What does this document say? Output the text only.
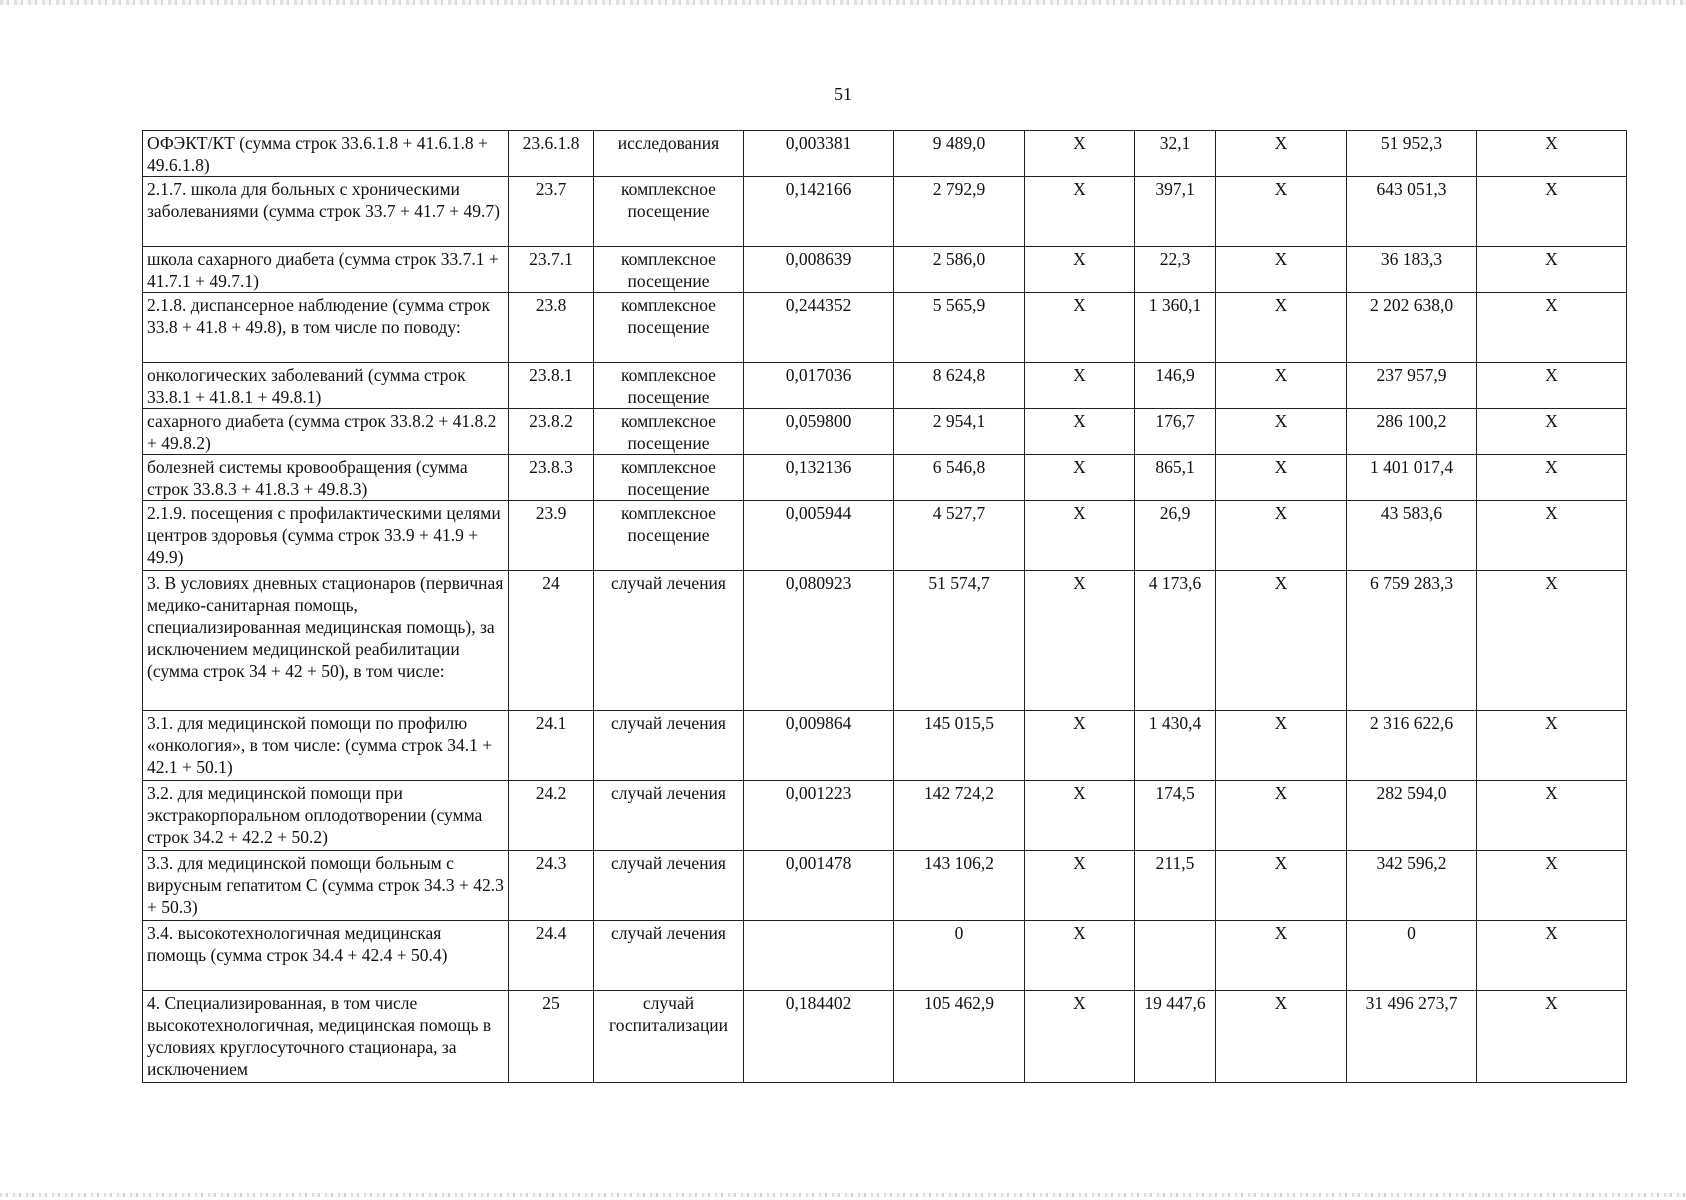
51
ОФЭКТ/КТ (сумма строк 33.6.1.8 + 41.6.1.8 + 49.6.1.8)	23.6.1.8	исследования	0,003381	9 489,0	X	32,1	X	51 952,3	X
2.1.7. школа для больных с хроническими заболеваниями (сумма строк 33.7 + 41.7 + 49.7)	23.7	комплексное посещение	0,142166	2 792,9	X	397,1	X	643 051,3	X
школа сахарного диабета (сумма строк 33.7.1 + 41.7.1 + 49.7.1)	23.7.1	комплексное посещение	0,008639	2 586,0	X	22,3	X	36 183,3	X
2.1.8. диспансерное наблюдение (сумма строк 33.8 + 41.8 + 49.8), в том числе по поводу:	23.8	комплексное посещение	0,244352	5 565,9	X	1 360,1	X	2 202 638,0	X
онкологических заболеваний (сумма строк 33.8.1 + 41.8.1 + 49.8.1)	23.8.1	комплексное посещение	0,017036	8 624,8	X	146,9	X	237 957,9	X
сахарного диабета (сумма строк 33.8.2 + 41.8.2 + 49.8.2)	23.8.2	комплексное посещение	0,059800	2 954,1	X	176,7	X	286 100,2	X
болезней системы кровообращения (сумма строк 33.8.3 + 41.8.3 + 49.8.3)	23.8.3	комплексное посещение	0,132136	6 546,8	X	865,1	X	1 401 017,4	X
2.1.9. посещения с профилактическими целями центров здоровья (сумма строк 33.9 + 41.9 + 49.9)	23.9	комплексное посещение	0,005944	4 527,7	X	26,9	X	43 583,6	X
3. В условиях дневных стационаров (первичная медико-санитарная помощь, специализированная медицинская помощь), за исключением медицинской реабилитации (сумма строк 34 + 42 + 50), в том числе:	24	случай лечения	0,080923	51 574,7	X	4 173,6	X	6 759 283,3	X
3.1. для медицинской помощи по профилю «онкология», в том числе: (сумма строк 34.1 + 42.1 + 50.1)	24.1	случай лечения	0,009864	145 015,5	X	1 430,4	X	2 316 622,6	X
3.2. для медицинской помощи при экстракорпоральном оплодотворении (сумма строк 34.2 + 42.2 + 50.2)	24.2	случай лечения	0,001223	142 724,2	X	174,5	X	282 594,0	X
3.3. для медицинской помощи больным с вирусным гепатитом С (сумма строк 34.3 + 42.3 + 50.3)	24.3	случай лечения	0,001478	143 106,2	X	211,5	X	342 596,2	X
3.4. высокотехнологичная медицинская помощь (сумма строк 34.4 + 42.4 + 50.4)	24.4	случай лечения		0	X		X	0	X
4. Специализированная, в том числе высокотехнологичная, медицинская помощь в условиях круглосуточного стационара, за исключением	25	случай госпитализации	0,184402	105 462,9	X	19 447,6	X	31 496 273,7	X
